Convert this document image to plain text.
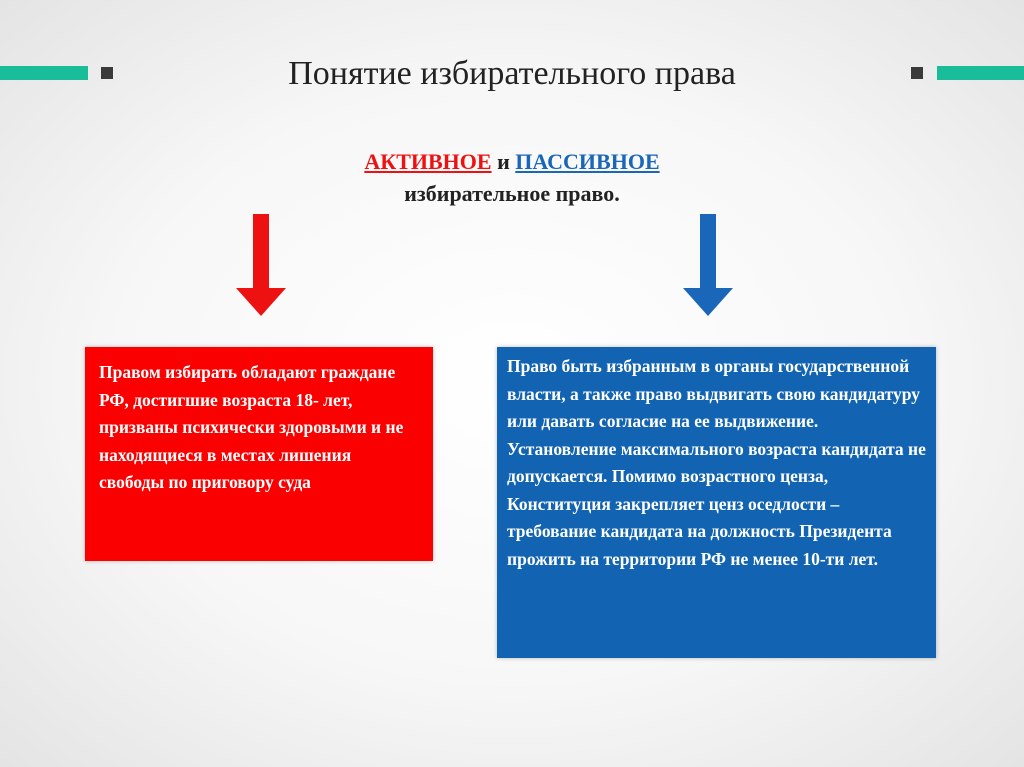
Понятие избирательного права
АКТИВНОЕ и ПАССИВНОЕ
избирательное право.
Правом избирать обладают граждане РФ, достигшие возраста 18- лет, призваны психически здоровыми и не находящиеся в местах лишения свободы по приговору суда
Право быть избранным в органы государственной власти, а также право выдвигать свою кандидатуру или давать согласие на ее выдвижение. Установление максимального возраста кандидата не допускается. Помимо возрастного ценза, Конституция закрепляет ценз оседлости – требование кандидата на должность Президента прожить на территории РФ не менее 10-ти лет.
